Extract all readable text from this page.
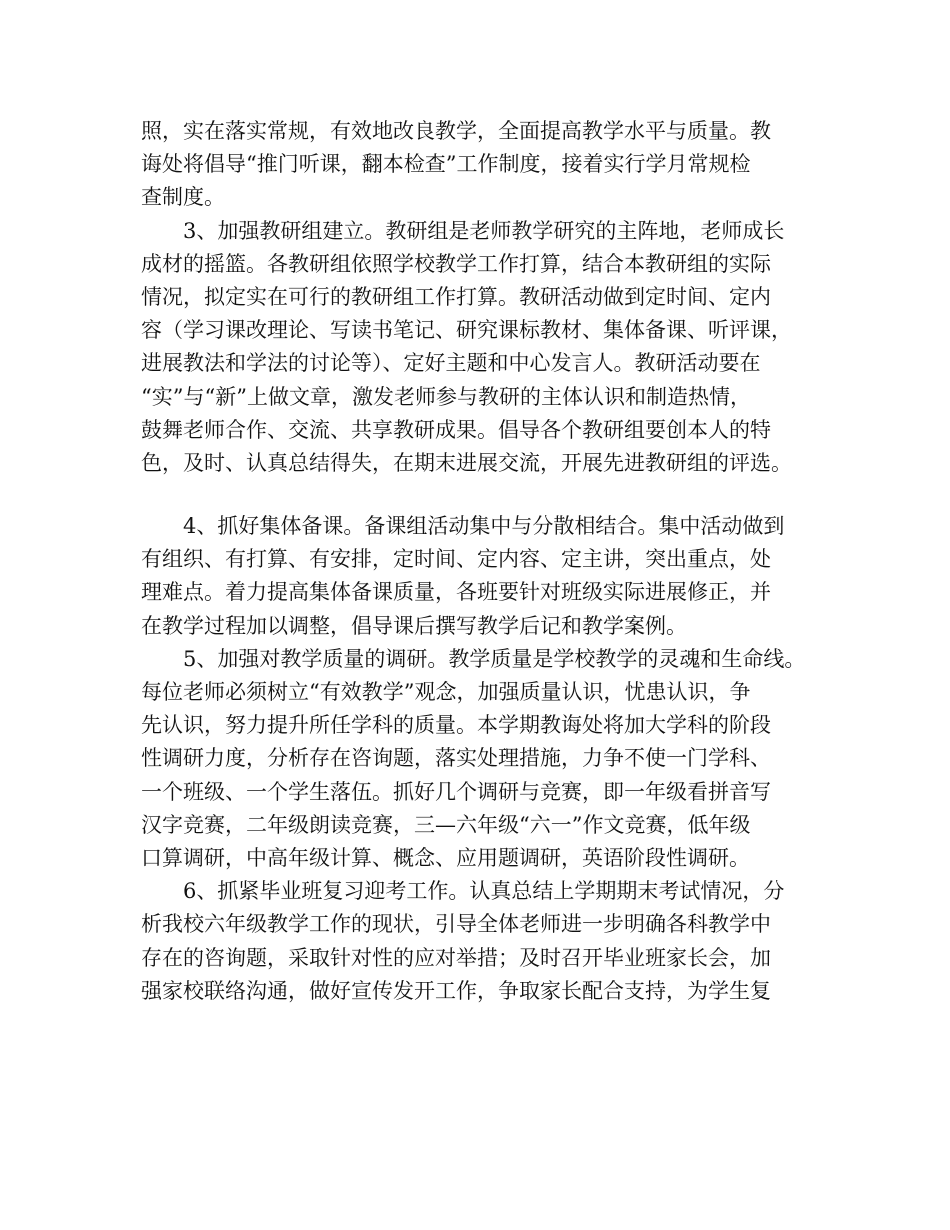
照，实在落实常规，有效地改良教学，全面提高教学水平与质量。教
诲处将倡导“推门听课，翻本检查”工作制度，接着实行学月常规检
查制度。
3、加强教研组建立。教研组是老师教学研究的主阵地，老师成长
成材的摇篮。各教研组依照学校教学工作打算，结合本教研组的实际
情况，拟定实在可行的教研组工作打算。教研活动做到定时间、定内
容（学习课改理论、写读书笔记、研究课标教材、集体备课、听评课，
进展教法和学法的讨论等）、定好主题和中心发言人。教研活动要在
“实”与“新”上做文章，激发老师参与教研的主体认识和制造热情，
鼓舞老师合作、交流、共享教研成果。倡导各个教研组要创本人的特
色，及时、认真总结得失，在期末进展交流，开展先进教研组的评选。
4、抓好集体备课。备课组活动集中与分散相结合。集中活动做到
有组织、有打算、有安排，定时间、定内容、定主讲，突出重点，处
理难点。着力提高集体备课质量，各班要针对班级实际进展修正，并
在教学过程加以调整，倡导课后撰写教学后记和教学案例。
5、加强对教学质量的调研。教学质量是学校教学的灵魂和生命线。
每位老师必须树立“有效教学”观念，加强质量认识，忧患认识，争
先认识，努力提升所任学科的质量。本学期教诲处将加大学科的阶段
性调研力度，分析存在咨询题，落实处理措施，力争不使一门学科、
一个班级、一个学生落伍。抓好几个调研与竞赛，即一年级看拼音写
汉字竞赛，二年级朗读竞赛，三—六年级“六一”作文竞赛，低年级
口算调研，中高年级计算、概念、应用题调研，英语阶段性调研。
6、抓紧毕业班复习迎考工作。认真总结上学期期末考试情况，分
析我校六年级教学工作的现状，引导全体老师进一步明确各科教学中
存在的咨询题，采取针对性的应对举措；及时召开毕业班家长会，加
强家校联络沟通，做好宣传发开工作，争取家长配合支持，为学生复
